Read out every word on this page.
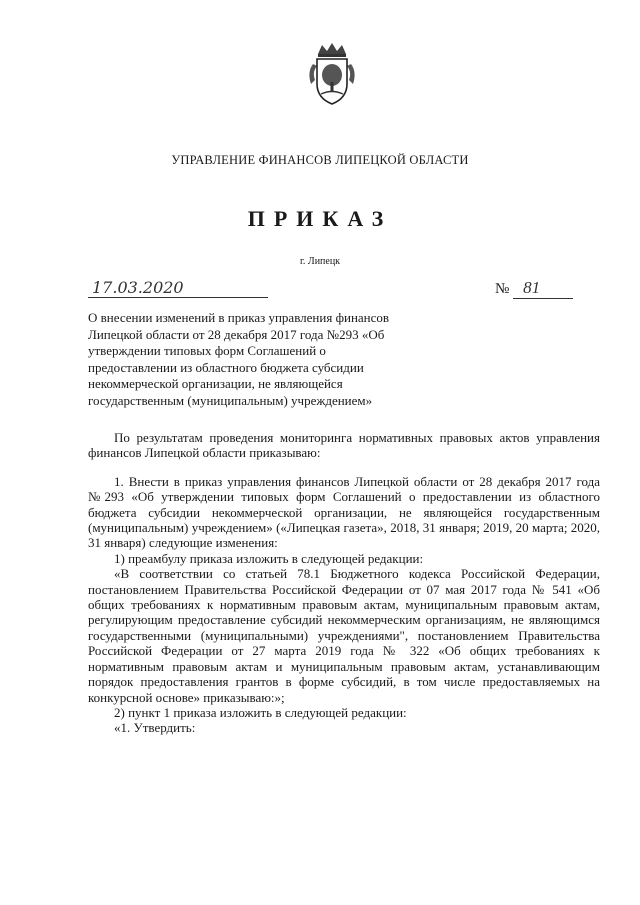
УПРАВЛЕНИЕ ФИНАНСОВ ЛИПЕЦКОЙ ОБЛАСТИ
ПРИКАЗ
г. Липецк
17.03.2020	№ 81
О внесении изменений в приказ управления финансов Липецкой области от 28 декабря 2017 года №293 «Об утверждении типовых форм Соглашений о предоставлении из областного бюджета субсидии некоммерческой организации, не являющейся государственным (муниципальным) учреждением»

По результатам проведения мониторинга нормативных правовых актов управления финансов Липецкой области приказываю:

1. Внести в приказ управления финансов Липецкой области от 28 декабря 2017 года №293 «Об утверждении типовых форм Соглашений о предоставлении из областного бюджета субсидии некоммерческой организации, не являющейся государственным (муниципальным) учреждением» («Липецкая газета», 2018, 31 января; 2019, 20 марта; 2020, 31 января) следующие изменения:

1) преамбулу приказа изложить в следующей редакции:

«В соответствии со статьей 78.1 Бюджетного кодекса Российской Федерации, постановлением Правительства Российской Федерации от 07 мая 2017 года № 541 «Об общих требованиях к нормативным правовым актам, муниципальным правовым актам, регулирующим предоставление субсидий некоммерческим организациям, не являющимся государственными (муниципальными) учреждениями", постановлением Правительства Российской Федерации от 27 марта 2019 года № 322 «Об общих требованиях к нормативным правовым актам и муниципальным правовым актам, устанавливающим порядок предоставления грантов в форме субсидий, в том числе предоставляемых на конкурсной основе» приказываю:»;

2) пункт 1 приказа изложить в следующей редакции:

«1. Утвердить:
